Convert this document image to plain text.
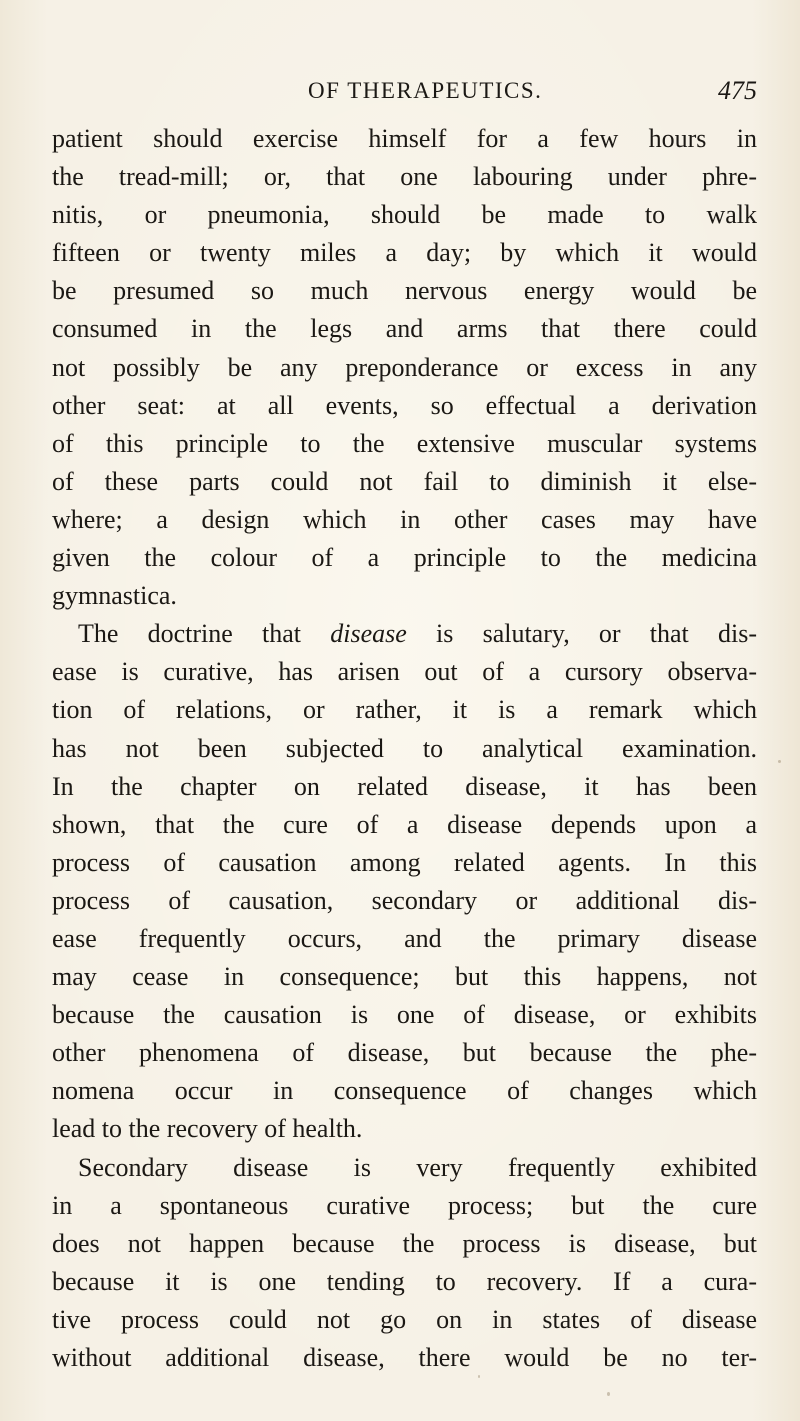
OF THERAPEUTICS.	475
patient should exercise himself for a few hours in
the tread-mill; or, that one labouring under phre-
nitis, or pneumonia, should be made to walk
fifteen or twenty miles a day; by which it would
be presumed so much nervous energy would be
consumed in the legs and arms that there could
not possibly be any preponderance or excess in any
other seat: at all events, so effectual a derivation
of this principle to the extensive muscular systems
of these parts could not fail to diminish it else-
where; a design which in other cases may have
given the colour of a principle to the medicina
gymnastica.
The doctrine that disease is salutary, or that dis-
ease is curative, has arisen out of a cursory observa-
tion of relations, or rather, it is a remark which
has not been subjected to analytical examination.
In the chapter on related disease, it has been
shown, that the cure of a disease depends upon a
process of causation among related agents. In this
process of causation, secondary or additional dis-
ease frequently occurs, and the primary disease
may cease in consequence; but this happens, not
because the causation is one of disease, or exhibits
other phenomena of disease, but because the phe-
nomena occur in consequence of changes which
lead to the recovery of health.
Secondary disease is very frequently exhibited
in a spontaneous curative process; but the cure
does not happen because the process is disease, but
because it is one tending to recovery. If a cura-
tive process could not go on in states of disease
without additional disease, there would be no ter-
